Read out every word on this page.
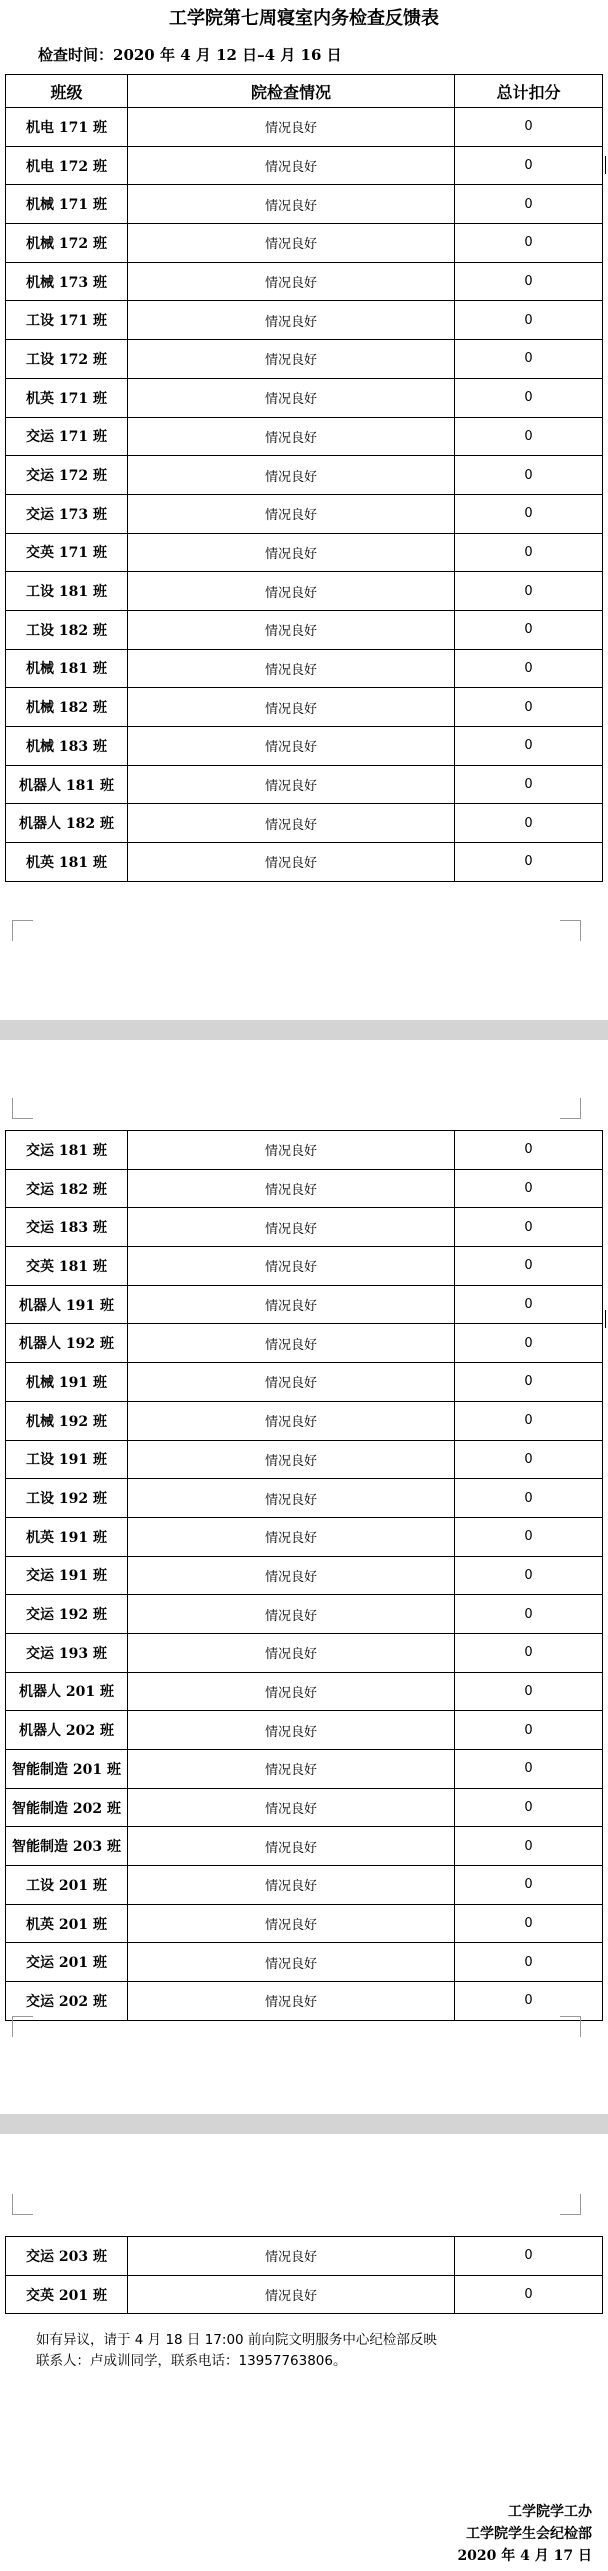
工学院第七周寝室内务检查反馈表
检查时间：2020 年 4 月 12 日–4 月 16 日
班级	院检查情况	总计扣分
机电 171 班	情况良好	0
机电 172 班	情况良好	0
机械 171 班	情况良好	0
机械 172 班	情况良好	0
机械 173 班	情况良好	0
工设 171 班	情况良好	0
工设 172 班	情况良好	0
机英 171 班	情况良好	0
交运 171 班	情况良好	0
交运 172 班	情况良好	0
交运 173 班	情况良好	0
交英 171 班	情况良好	0
工设 181 班	情况良好	0
工设 182 班	情况良好	0
机械 181 班	情况良好	0
机械 182 班	情况良好	0
机械 183 班	情况良好	0
机器人 181 班	情况良好	0
机器人 182 班	情况良好	0
机英 181 班	情况良好	0
交运 181 班	情况良好	0
交运 182 班	情况良好	0
交运 183 班	情况良好	0
交英 181 班	情况良好	0
机器人 191 班	情况良好	0
机器人 192 班	情况良好	0
机械 191 班	情况良好	0
机械 192 班	情况良好	0
工设 191 班	情况良好	0
工设 192 班	情况良好	0
机英 191 班	情况良好	0
交运 191 班	情况良好	0
交运 192 班	情况良好	0
交运 193 班	情况良好	0
机器人 201 班	情况良好	0
机器人 202 班	情况良好	0
智能制造 201 班	情况良好	0
智能制造 202 班	情况良好	0
智能制造 203 班	情况良好	0
工设 201 班	情况良好	0
机英 201 班	情况良好	0
交运 201 班	情况良好	0
交运 202 班	情况良好	0
交运 203 班	情况良好	0
交英 201 班	情况良好	0
如有异议，请于 4 月 18 日 17:00 前向院文明服务中心纪检部反映
联系人：卢成训同学，联系电话：13957763806。
工学院学工办
工学院学生会纪检部
2020 年 4 月 17 日
